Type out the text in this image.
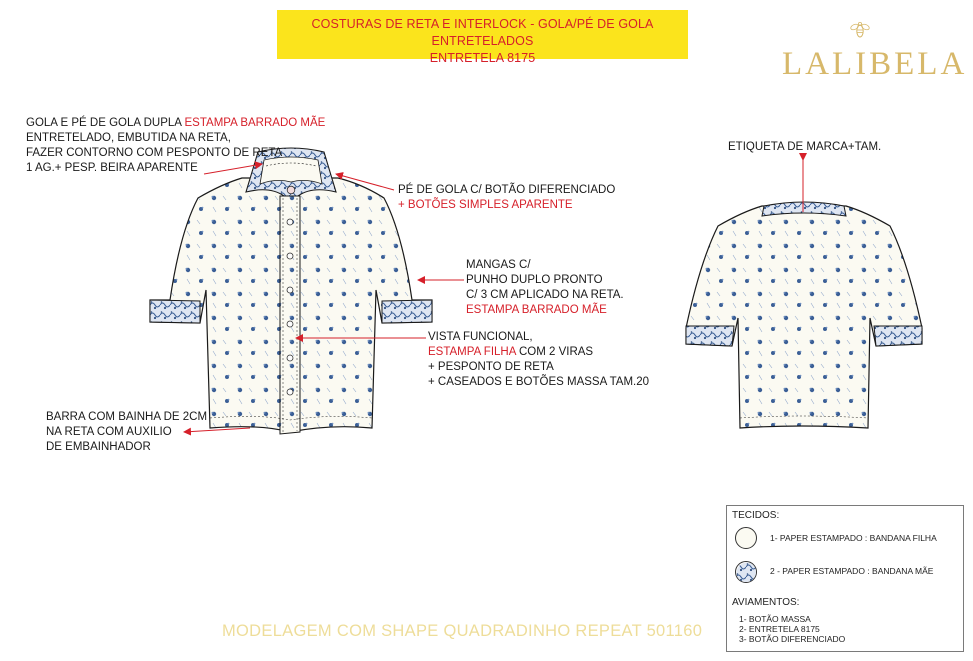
COSTURAS DE RETA E INTERLOCK - GOLA/PÉ DE GOLA ENTRETELADOS
ENTRETELA 8175	LALIBELA
GOLA E PÉ DE GOLA DUPLA ESTAMPA BARRADO MÃE
ENTRETELADO, EMBUTIDA NA RETA,
FAZER CONTORNO COM PESPONTO DE RETA
1 AG.+ PESP. BEIRA APARENTE
PÉ DE GOLA C/ BOTÃO DIFERENCIADO
+ BOTÕES SIMPLES APARENTE
MANGAS C/
PUNHO DUPLO PRONTO
C/ 3 CM APLICADO NA RETA.
ESTAMPA BARRADO MÃE
VISTA FUNCIONAL,
ESTAMPA FILHA COM 2 VIRAS
+ PESPONTO DE RETA
+ CASEADOS E BOTÕES MASSA TAM.20
BARRA COM BAINHA DE 2CM
NA RETA COM AUXILIO
DE EMBAINHADOR
ETIQUETA DE MARCA+TAM.
MODELAGEM COM SHAPE QUADRADINHO REPEAT 501160
TECIDOS:
1- PAPER ESTAMPADO : BANDANA FILHA
2 - PAPER ESTAMPADO : BANDANA MÃE
AVIAMENTOS:
1- BOTÃO MASSA
2- ENTRETELA 8175
3- BOTÃO DIFERENCIADO
